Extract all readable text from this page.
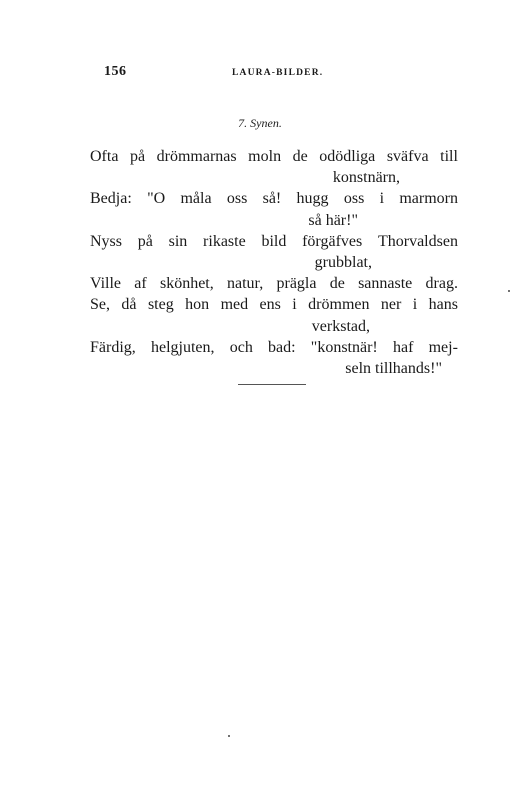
156	LAURA-BILDER.
7. Synen.
Ofta på drömmarnas moln de odödliga sväfva till
konstnärn,
Bedja: "O måla oss så! hugg oss i marmorn
så här!"
Nyss på sin rikaste bild förgäfves Thorvaldsen
grubblat,
Ville af skönhet, natur, prägla de sannaste drag.
Se, då steg hon med ens i drömmen ner i hans
verkstad,
Färdig, helgjuten, och bad: "konstnär! haf mej-
seln tillhands!"
